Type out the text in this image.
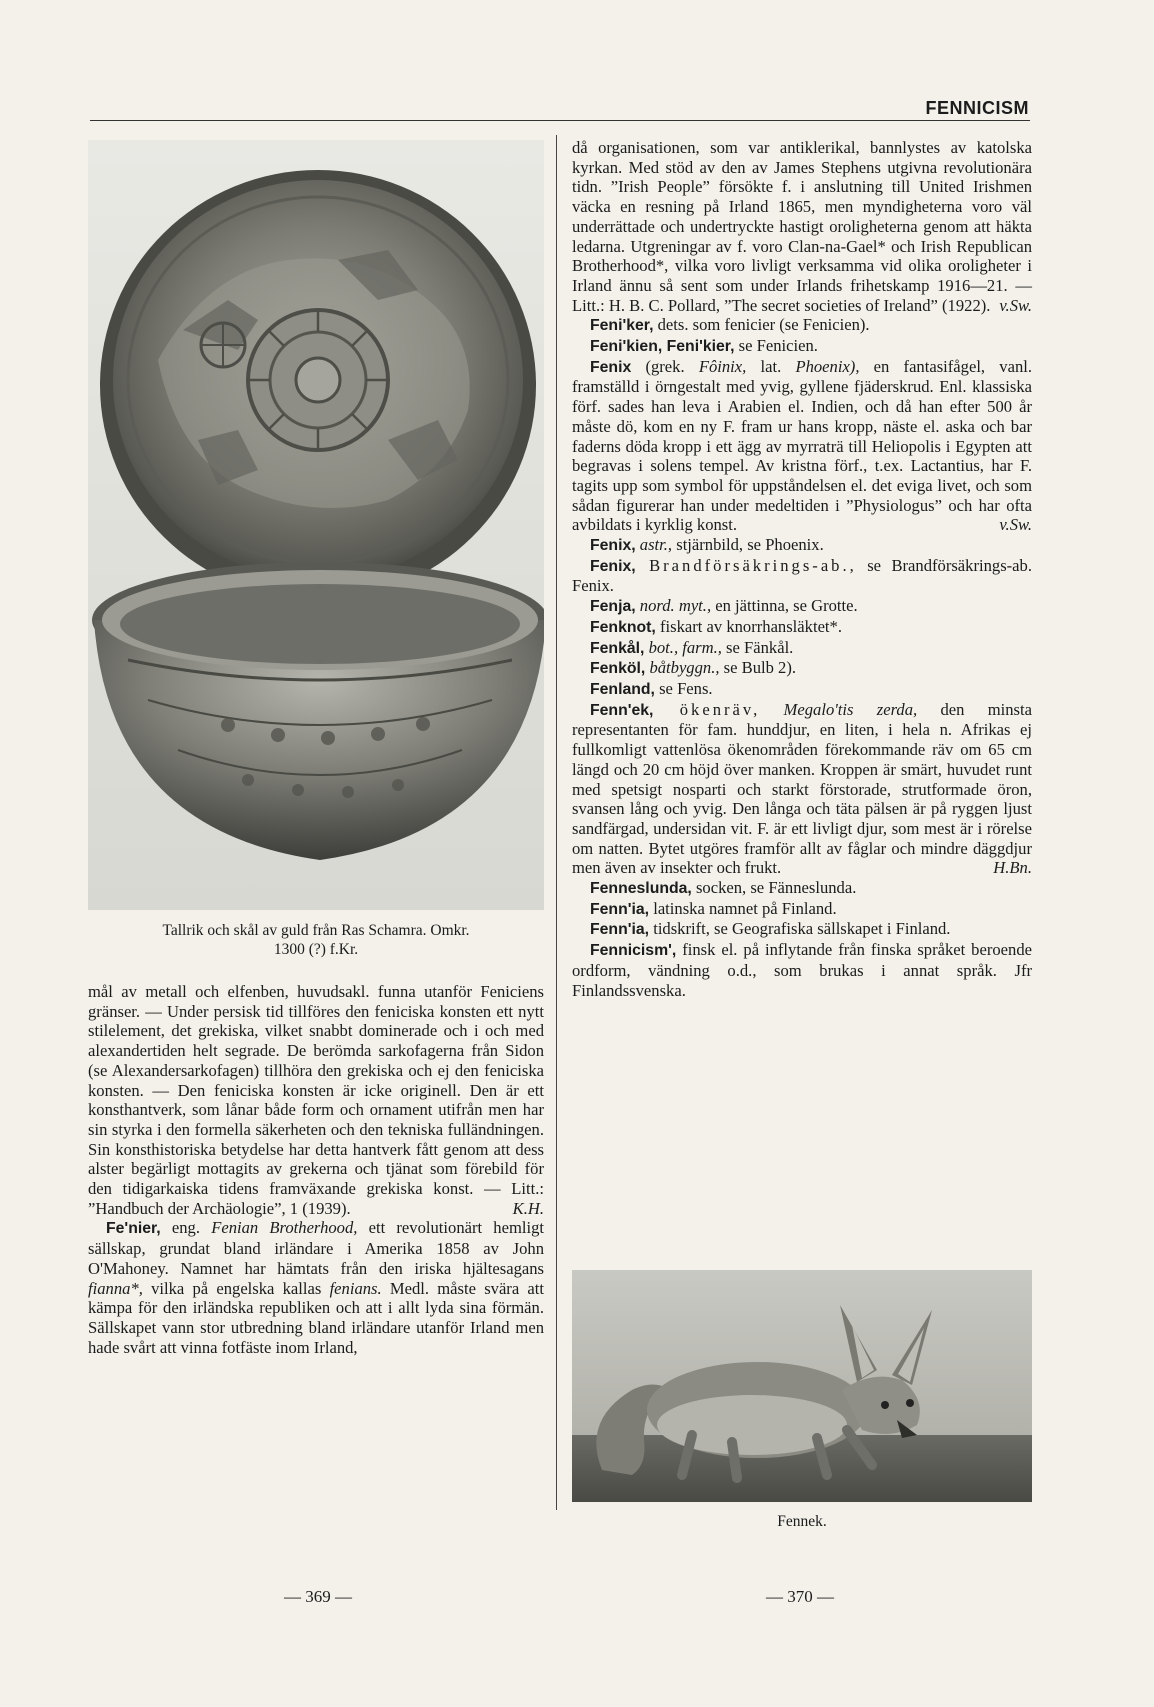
FENNICISM
Tallrik och skål av guld från Ras Schamra. Omkr.
1300 (?) f.Kr.

mål av metall och elfenben, huvudsakl. funna utanför Feniciens gränser. — Under persisk tid tillföres den feniciska konsten ett nytt stilelement, det grekiska, vilket snabbt dominerade och i och med alexandertiden helt segrade. De berömda sarkofagerna från Sidon (se Alexandersarkofagen) tillhöra den grekiska och ej den feniciska konsten. — Den feniciska konsten är icke originell. Den är ett konsthantverk, som lånar både form och ornament utifrån men har sin styrka i den formella säkerheten och den tekniska fulländningen. Sin konsthistoriska betydelse har detta hantverk fått genom att dess alster begärligt mottagits av grekerna och tjänat som förebild för den tidigarkaiska tidens framväxande grekiska konst. — Litt.: ”Handbuch der Archäologie”, 1 (1939).	K.H.

Fe'nier, eng. Fenian Brotherhood, ett revolutionärt hemligt sällskap, grundat bland irländare i Amerika 1858 av John O'Mahoney. Namnet har hämtats från den iriska hjältesagans fianna*, vilka på engelska kallas fenians. Medl. måste svära att kämpa för den irländska republiken och att i allt lyda sina förmän. Sällskapet vann stor utbredning bland irländare utanför Irland men hade svårt att vinna fotfäste inom Irland,

då organisationen, som var antiklerikal, bannlystes av katolska kyrkan. Med stöd av den av James Stephens utgivna revolutionära tidn. ”Irish People” försökte f. i anslutning till United Irishmen väcka en resning på Irland 1865, men myndigheterna voro väl underrättade och undertryckte hastigt oroligheterna genom att häkta ledarna. Utgreningar av f. voro Clan-na-Gael* och Irish Republican Brotherhood*, vilka voro livligt verksamma vid olika oroligheter i Irland ännu så sent som under Irlands frihetskamp 1916—21. — Litt.: H. B. C. Pollard, ”The secret societies of Ireland” (1922). v.Sw.

Feni'ker, dets. som fenicier (se Fenicien).

Feni'kien, Feni'kier, se Fenicien.

Fenix (grek. Fôinix, lat. Phoenix), en fantasifågel, vanl. framställd i örngestalt med yvig, gyllene fjäderskrud. Enl. klassiska förf. sades han leva i Arabien el. Indien, och då han efter 500 år måste dö, kom en ny F. fram ur hans kropp, näste el. aska och bar faderns döda kropp i ett ägg av myrraträ till Heliopolis i Egypten att begravas i solens tempel. Av kristna förf., t.ex. Lactantius, har F. tagits upp som symbol för uppståndelsen el. det eviga livet, och som sådan figurerar han under medeltiden i ”Physiologus” och har ofta avbildats i kyrklig konst.	v.Sw.

Fenix, astr., stjärnbild, se Phoenix.

Fenix, Brandförsäkrings-ab., se Brandförsäkrings-ab. Fenix.

Fenja, nord. myt., en jättinna, se Grotte.

Fenknot, fiskart av knorrhansläktet*.

Fenkål, bot., farm., se Fänkål.

Fenköl, båtbyggn., se Bulb 2).

Fenland, se Fens.

Fenn'ek, ökenräv, Megalo'tis zerda, den minsta representanten för fam. hunddjur, en liten, i hela n. Afrikas ej fullkomligt vattenlösa ökenområden förekommande räv om 65 cm längd och 20 cm höjd över manken. Kroppen är smärt, huvudet runt med spetsigt nosparti och starkt förstorade, strutformade öron, svansen lång och yvig. Den långa och täta pälsen är på ryggen ljust sandfärgad, undersidan vit. F. är ett livligt djur, som mest är i rörelse om natten. Bytet utgöres framför allt av fåglar och mindre däggdjur men även av insekter och frukt.	H.Bn.

Fenneslunda, socken, se Fänneslunda.

Fenn'ia, latinska namnet på Finland.

Fenn'ia, tidskrift, se Geografiska sällskapet i Finland.

Fennicism', finsk el. på inflytande från finska språket beroende ordform, vändning o.d., som brukas i annat språk. Jfr Finlandssvenska.

Fennek.
— 369 —	— 370 —
